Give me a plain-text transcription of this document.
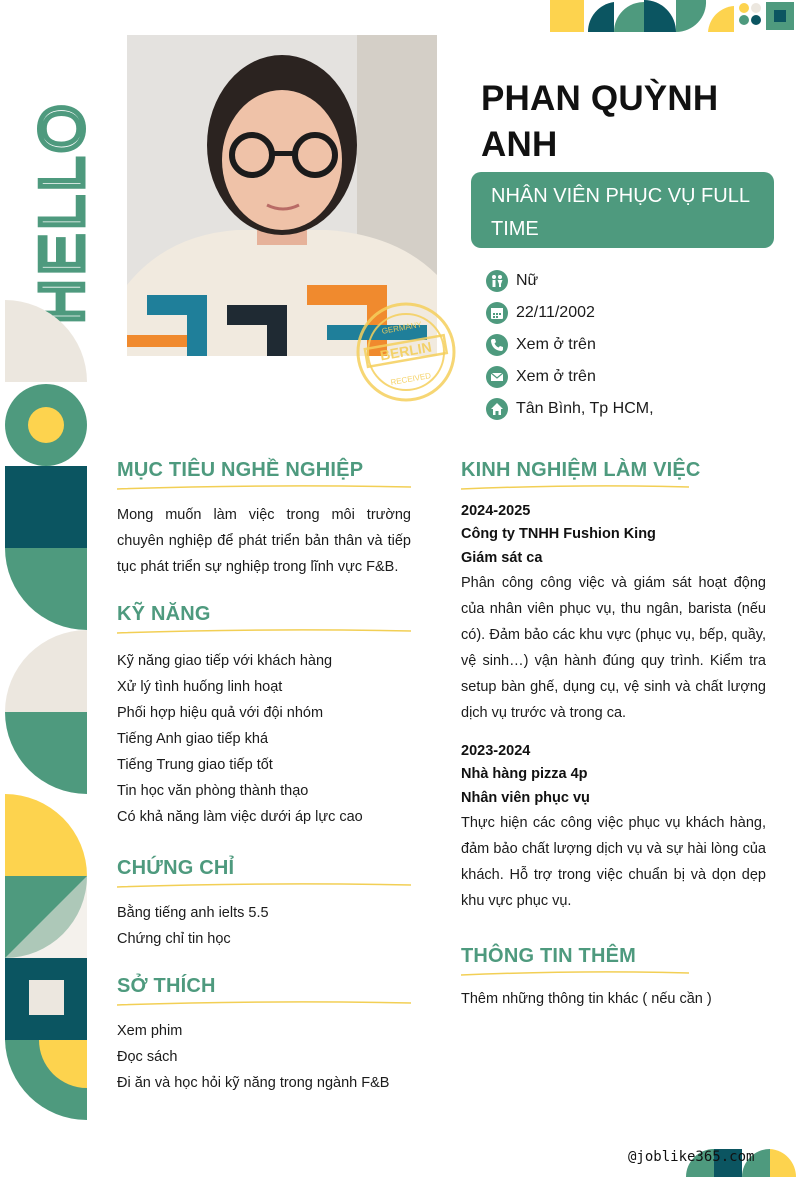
HELLO
BERLIN
RECEIVED
GERMANY
PHAN QUỲNH
ANH
NHÂN VIÊN PHỤC VỤ FULL
TIME
Nữ
22/11/2002
Xem ở trên
Xem ở trên
Tân Bình, Tp HCM,
MỤC TIÊU NGHỀ NGHIỆP
Mong muốn làm việc trong môi trường chuyên nghiệp để phát triển bản thân và tiếp tục phát triển sự nghiệp trong lĩnh vực F&B.
KỸ NĂNG
Kỹ năng giao tiếp với khách hàng
Xử lý tình huống linh hoạt
Phối hợp hiệu quả với đội nhóm
Tiếng Anh giao tiếp khá
Tiếng Trung giao tiếp tốt
Tin học văn phòng thành thạo
Có khả năng làm việc dưới áp lực cao
CHỨNG CHỈ
Bằng tiếng anh ielts 5.5
Chứng chỉ tin học
SỞ THÍCH
Xem phim
Đọc sách
Đi ăn và học hỏi kỹ năng trong ngành F&B
KINH NGHIỆM LÀM VIỆC
2024-2025
Công ty TNHH Fushion King
Giám sát ca
Phân công công việc và giám sát hoạt động của nhân viên phục vụ, thu ngân, barista (nếu có). Đảm bảo các khu vực (phục vụ, bếp, quầy, vệ sinh…) vận hành đúng quy trình. Kiểm tra setup bàn ghế, dụng cụ, vệ sinh và chất lượng dịch vụ trước và trong ca.
2023-2024
Nhà hàng pizza 4p
Nhân viên phục vụ
Thực hiện các công việc phục vụ khách hàng, đảm bảo chất lượng dịch vụ và sự hài lòng của khách. Hỗ trợ trong việc chuẩn bị và dọn dẹp khu vực phục vụ.
THÔNG TIN THÊM
Thêm những thông tin khác ( nếu cần )
@joblike365.com
